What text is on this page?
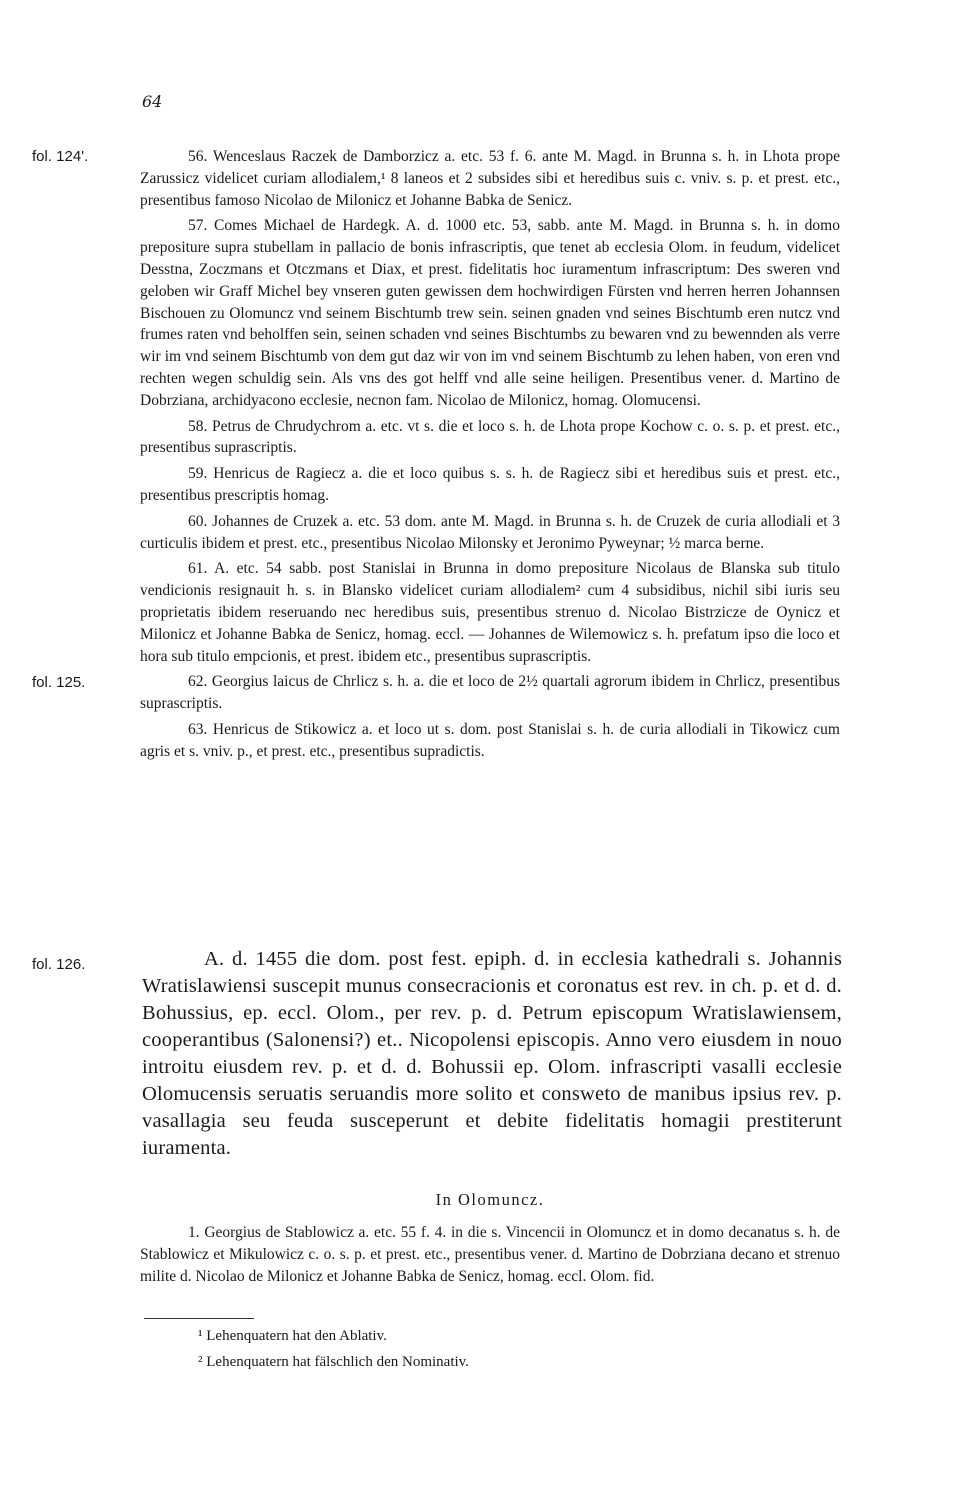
64
fol. 124'.
fol. 125.
fol. 126.

56. Wenceslaus Raczek de Damborzicz a. etc. 53 f. 6. ante M. Magd. in Brunna s. h. in Lhota prope Zarussicz videlicet curiam allodialem,¹ 8 laneos et 2 subsides sibi et heredibus suis c. vniv. s. p. et prest. etc., presentibus famoso Nicolao de Milonicz et Johanne Babka de Senicz.

57. Comes Michael de Hardegk. A. d. 1000 etc. 53, sabb. ante M. Magd. in Brunna s. h. in domo prepositure supra stubellam in pallacio de bonis infrascriptis, que tenet ab ecclesia Olom. in feudum, videlicet Desstna, Zoczmans et Otczmans et Diax, et prest. fidelitatis hoc iuramentum infrascriptum: Des sweren vnd geloben wir Graff Michel bey vnseren guten gewissen dem hochwirdigen Fürsten vnd herren herren Johannsen Bischouen zu Olomuncz vnd seinem Bischtumb trew sein. seinen gnaden vnd seines Bischtumb eren nutcz vnd frumes raten vnd beholffen sein, seinen schaden vnd seines Bischtumbs zu bewaren vnd zu bewennden als verre wir im vnd seinem Bischtumb von dem gut daz wir von im vnd seinem Bischtumb zu lehen haben, von eren vnd rechten wegen schuldig sein. Als vns des got helff vnd alle seine heiligen. Presentibus vener. d. Martino de Dobrziana, archidyacono ecclesie, necnon fam. Nicolao de Milonicz, homag. Olomucensi.

58. Petrus de Chrudychrom a. etc. vt s. die et loco s. h. de Lhota prope Kochow c. o. s. p. et prest. etc., presentibus suprascriptis.

59. Henricus de Ragiecz a. die et loco quibus s. s. h. de Ragiecz sibi et heredibus suis et prest. etc., presentibus prescriptis homag.

60. Johannes de Cruzek a. etc. 53 dom. ante M. Magd. in Brunna s. h. de Cruzek de curia allodiali et 3 curticulis ibidem et prest. etc., presentibus Nicolao Milonsky et Jeronimo Pyweynar; ½ marca berne.

61. A. etc. 54 sabb. post Stanislai in Brunna in domo prepositure Nicolaus de Blanska sub titulo vendicionis resignauit h. s. in Blansko videlicet curiam allodialem² cum 4 subsidibus, nichil sibi iuris seu proprietatis ibidem reseruando nec heredibus suis, presentibus strenuo d. Nicolao Bistrzicze de Oynicz et Milonicz et Johanne Babka de Senicz, homag. eccl. — Johannes de Wilemowicz s. h. prefatum ipso die loco et hora sub titulo empcionis, et prest. ibidem etc., presentibus suprascriptis.

62. Georgius laicus de Chrlicz s. h. a. die et loco de 2½ quartali agrorum ibidem in Chrlicz, presentibus suprascriptis.

63. Henricus de Stikowicz a. et loco ut s. dom. post Stanislai s. h. de curia allodiali in Tikowicz cum agris et s. vniv. p., et prest. etc., presentibus supradictis.

A. d. 1455 die dom. post fest. epiph. d. in ecclesia kathedrali s. Johannis Wratislawiensi suscepit munus consecracionis et coronatus est rev. in ch. p. et d. d. Bohussius, ep. eccl. Olom., per rev. p. d. Petrum episcopum Wratislawiensem, cooperantibus (Salonensi?) et.. Nicopolensi episcopis. Anno vero eiusdem in nouo introitu eiusdem rev. p. et d. d. Bohussii ep. Olom. infrascripti vasalli ecclesie Olomucensis seruatis seruandis more solito et consweto de manibus ipsius rev. p. vasallagia seu feuda susceperunt et debite fidelitatis homagii prestiterunt iuramenta.

In Olomuncz.

1. Georgius de Stablowicz a. etc. 55 f. 4. in die s. Vincencii in Olomuncz et in domo decanatus s. h. de Stablowicz et Mikulowicz c. o. s. p. et prest. etc., presentibus vener. d. Martino de Dobrziana decano et strenuo milite d. Nicolao de Milonicz et Johanne Babka de Senicz, homag. eccl. Olom. fid.

¹ Lehenquatern hat den Ablativ.
² Lehenquatern hat fälschlich den Nominativ.
